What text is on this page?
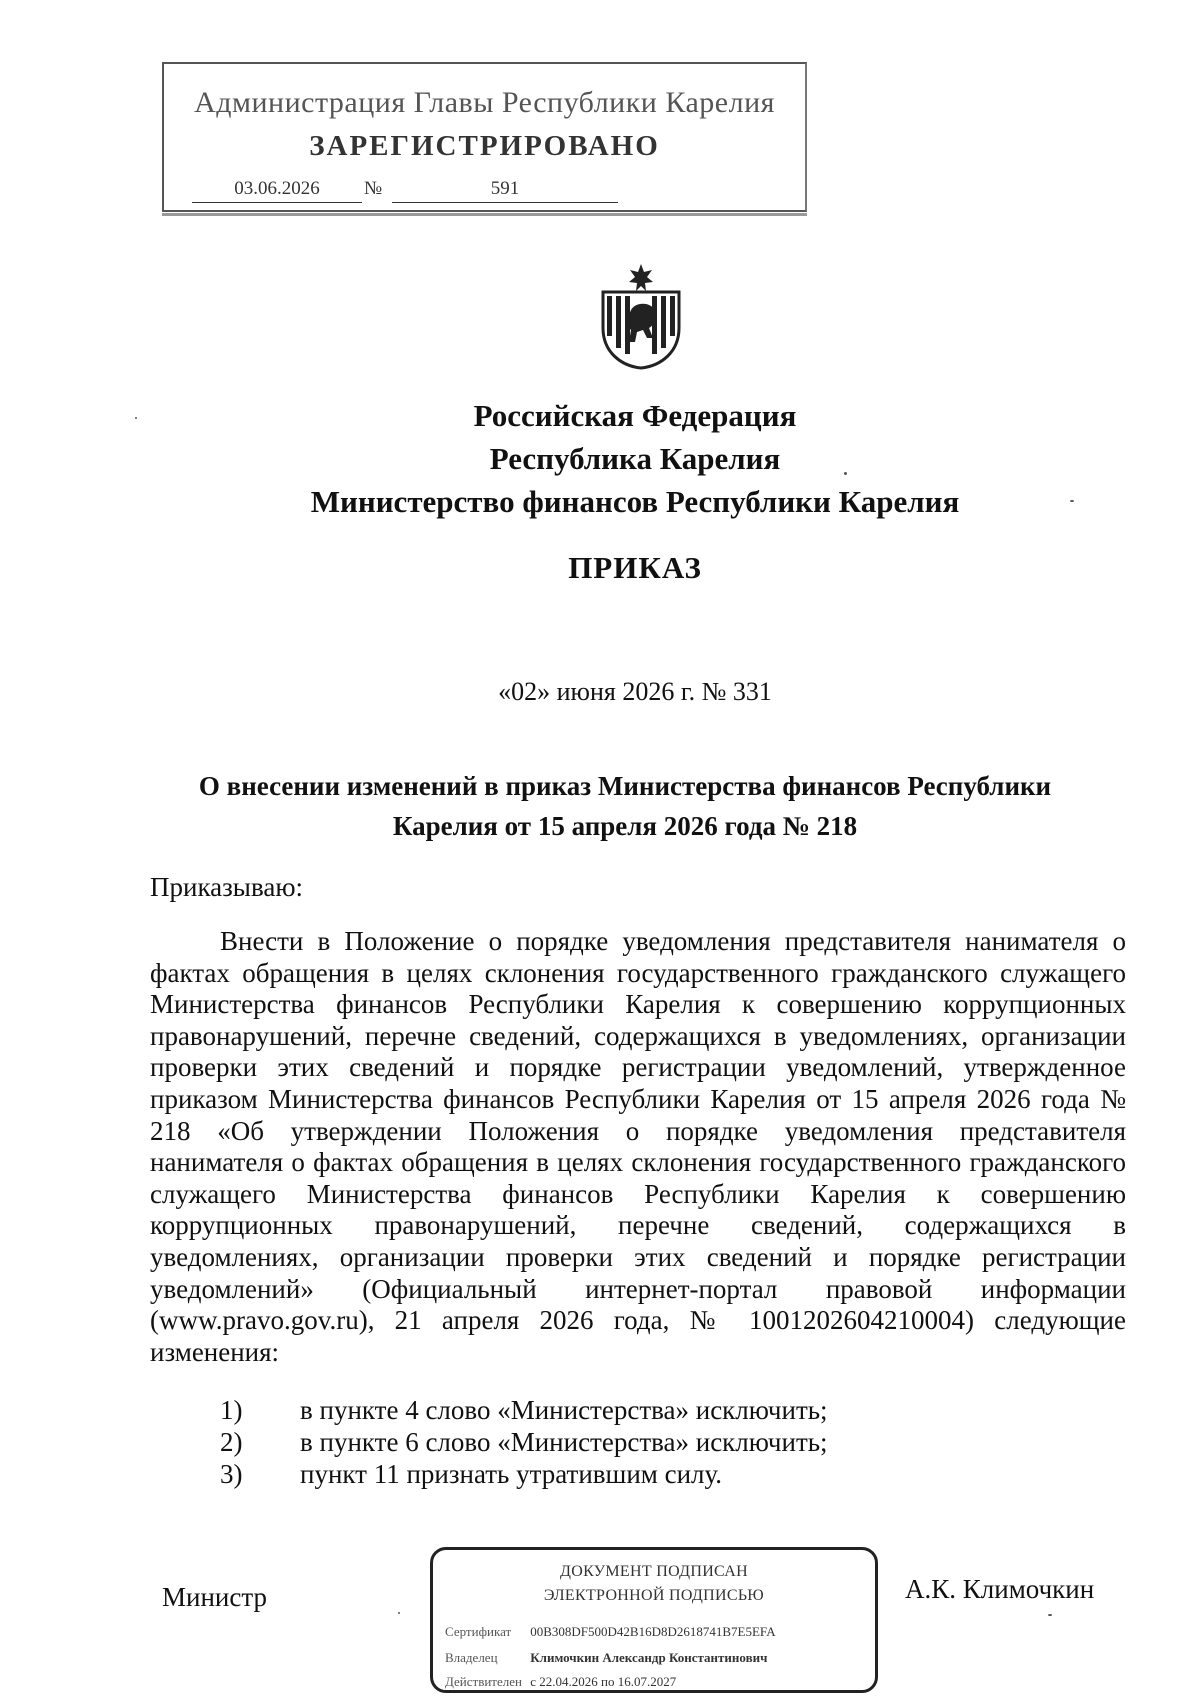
Администрация Главы Республики Карелия
ЗАРЕГИСТРИРОВАНО
03.06.2026	№	591
Российская Федерация
Республика Карелия
Министерство финансов Республики Карелия
ПРИКАЗ
«02» июня 2026 г. № 331
О внесении изменений в приказ Министерства финансов Республики
Карелия от 15 апреля 2026 года № 218
Приказываю:
Внести в Положение о порядке уведомления представителя нанимателя о фактах обращения в целях склонения государственного гражданского служащего Министерства финансов Республики Карелия к совершению коррупционных правонарушений, перечне сведений, содержащихся в уведомлениях, организации проверки этих сведений и порядке регистрации уведомлений, утвержденное приказом Министерства финансов Республики Карелия от 15 апреля 2026 года № 218 «Об утверждении Положения о порядке уведомления представителя нанимателя о фактах обращения в целях склонения государственного гражданского служащего Министерства финансов Республики Карелия к совершению коррупционных правонарушений, перечне сведений, содержащихся в уведомлениях, организации проверки этих сведений и порядке регистрации уведомлений» (Официальный интернет-портал правовой информации (www.pravo.gov.ru), 21 апреля 2026 года, № 1001202604210004) следующие изменения:
1)	в пункте 4 слово «Министерства» исключить;
2)	в пункте 6 слово «Министерства» исключить;
3)	пункт 11 признать утратившим силу.
Министр
ДОКУМЕНТ ПОДПИСАН
ЭЛЕКТРОННОЙ ПОДПИСЬЮ
Сертификат 00B308DF500D42B16D8D2618741B7E5EFA
Владелец	Климочкин Александр Константинович
Действителен с 22.04.2026 по 16.07.2027
А.К. Климочкин
